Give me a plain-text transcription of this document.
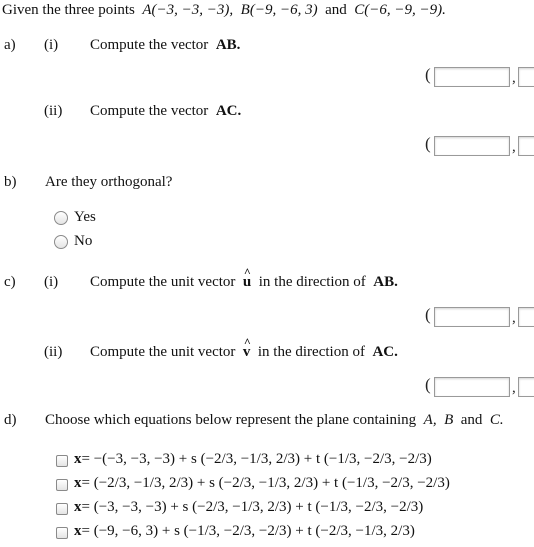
Given the three points A(−3, −3, −3), B(−9, −6, 3) and C(−6, −9, −9).
a) (i) Compute the vector AB.
(	,
(ii) Compute the vector AC.
(	,
b) Are they orthogonal?
Yes
No
c) (i) Compute the unit vector ^ u in the direction of AB.
(	,
(ii) Compute the unit vector ^ v in the direction of AC.
(	,
d) Choose which equations below represent the plane containing A, B and C.
x= −(−3, −3, −3) + s (−2/3, −1/3, 2/3) + t (−1/3, −2/3, −2/3)
x= (−2/3, −1/3, 2/3) + s (−2/3, −1/3, 2/3) + t (−1/3, −2/3, −2/3)
x= (−3, −3, −3) + s (−2/3, −1/3, 2/3) + t (−1/3, −2/3, −2/3)
x= (−9, −6, 3) + s (−1/3, −2/3, −2/3) + t (−2/3, −1/3, 2/3)
